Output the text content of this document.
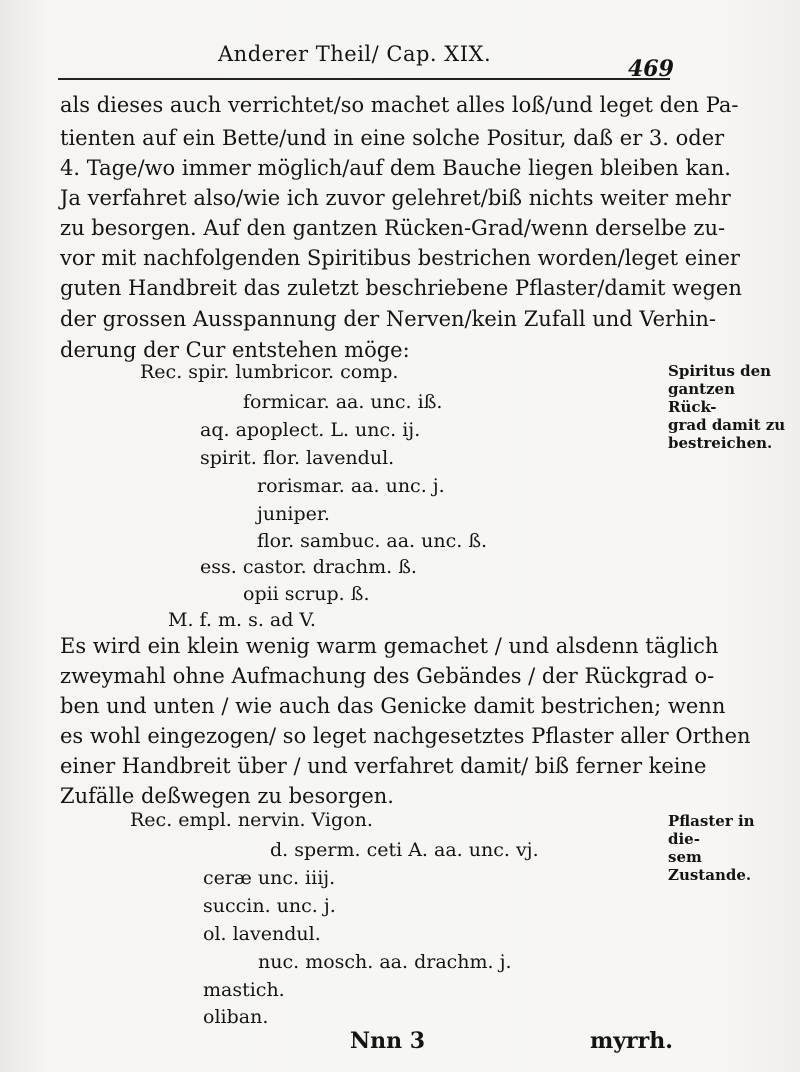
Anderer Theil/ Cap. XIX.
469
als dieses auch verrichtet/so machet alles loß/und leget den Pa-
tienten auf ein Bette/und in eine solche Positur, daß er 3. oder
4. Tage/wo immer möglich/auf dem Bauche liegen bleiben kan.
Ja verfahret also/wie ich zuvor gelehret/biß nichts weiter mehr
zu besorgen. Auf den gantzen Rücken-Grad/wenn derselbe zu-
vor mit nachfolgenden Spiritibus bestrichen worden/leget einer
guten Handbreit das zuletzt beschriebene Pflaster/damit wegen
der grossen Ausspannung der Nerven/kein Zufall und Verhin-
derung der Cur entstehen möge:
Rec. spir. lumbricor. comp.
formicar. aa. unc. iß.
aq. apoplect. L. unc. ij.
spirit. flor. lavendul.
rorismar. aa. unc. j.
juniper.
flor. sambuc. aa. unc. ß.
ess. castor. drachm. ß.
opii scrup. ß.
M. f. m. s. ad V.
Spiritus den
gantzen Rück-
grad damit zu
bestreichen.
Es wird ein klein wenig warm gemachet / und alsdenn täglich
zweymahl ohne Aufmachung des Gebändes / der Rückgrad o-
ben und unten / wie auch das Genicke damit bestrichen; wenn
es wohl eingezogen/ so leget nachgesetztes Pflaster aller Orthen
einer Handbreit über / und verfahret damit/ biß ferner keine
Zufälle deßwegen zu besorgen.
Rec. empl. nervin. Vigon.
d. sperm. ceti A. aa. unc. vj.
ceræ unc. iiij.
succin. unc. j.
ol. lavendul.
nuc. mosch. aa. drachm. j.
mastich.
oliban.
Pflaster in die-
sem Zustande.
Nnn 3	myrrh.
